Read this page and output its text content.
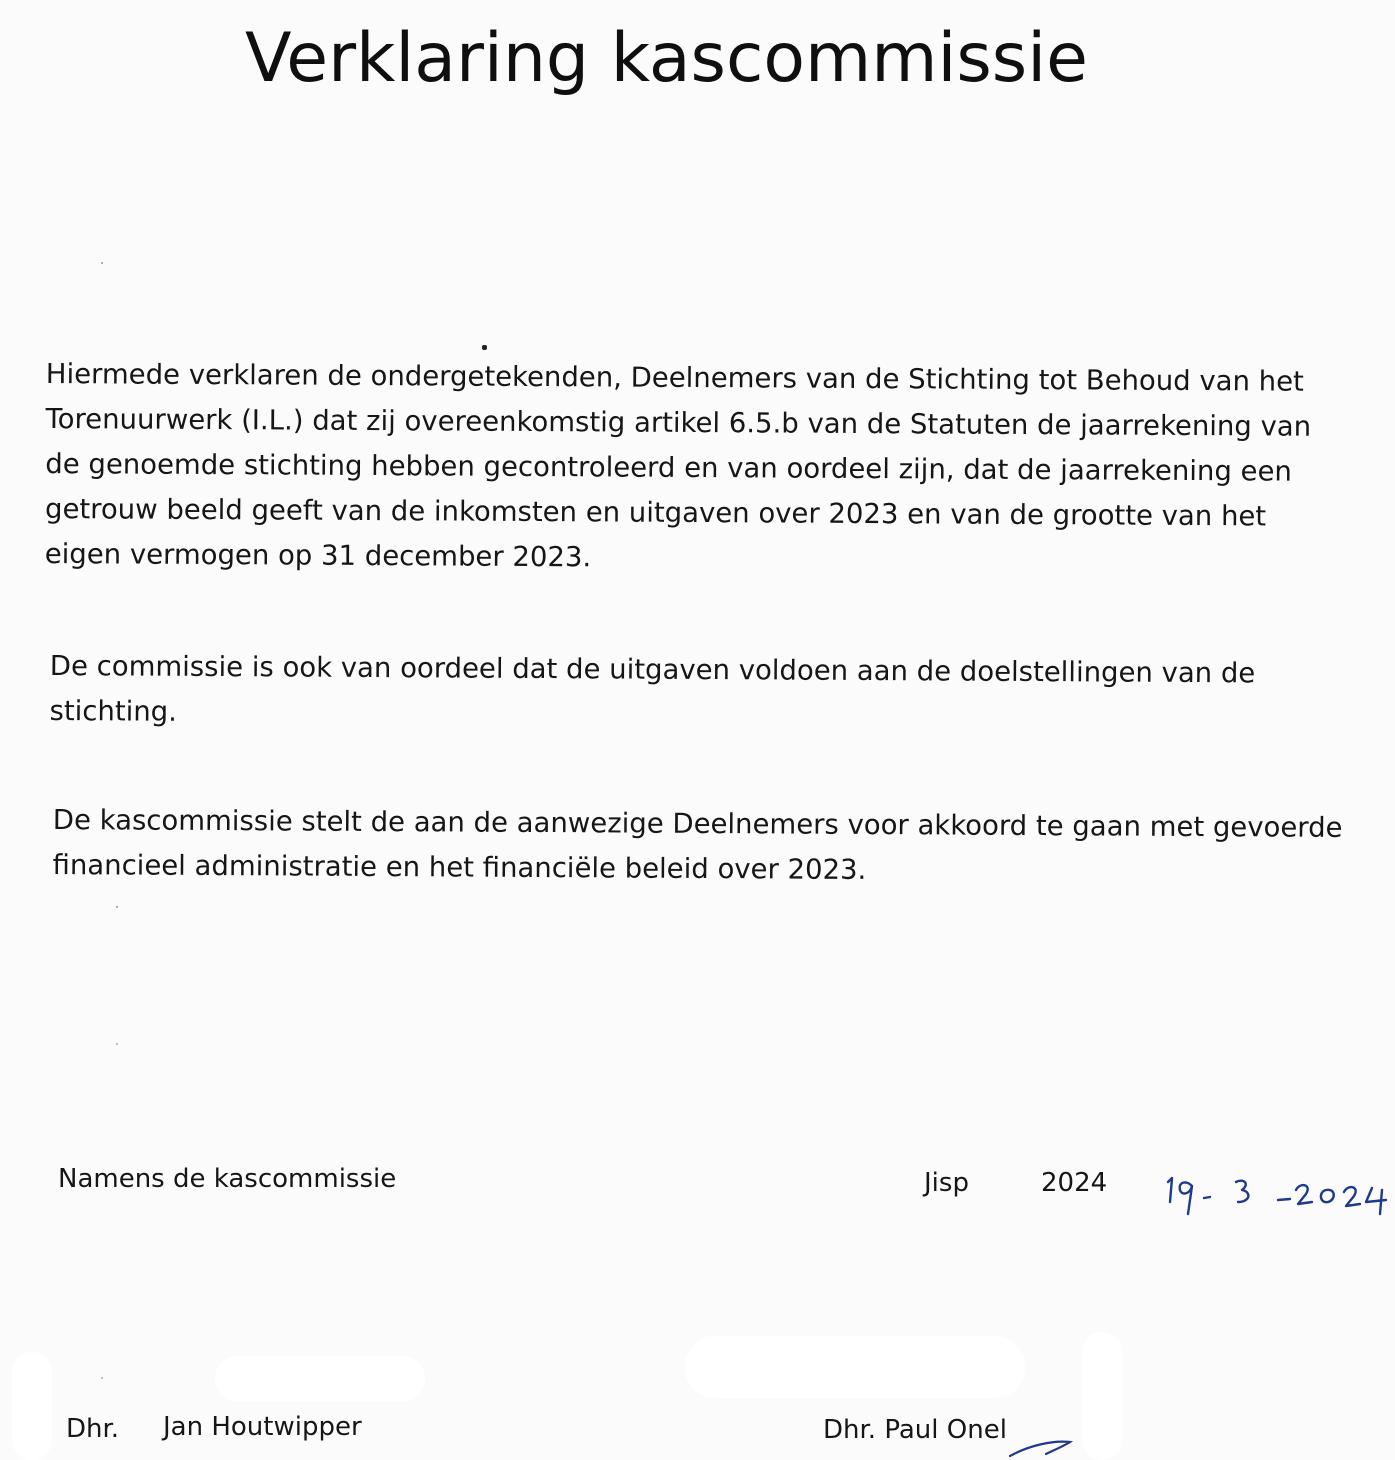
Verklaring kascommissie

Hiermede verklaren de ondergetekenden, Deelnemers van de Stichting tot Behoud van het
Torenuurwerk (I.L.) dat zij overeenkomstig artikel 6.5.b van de Statuten de jaarrekening van
de genoemde stichting hebben gecontroleerd en van oordeel zijn, dat de jaarrekening een
getrouw beeld geeft van de inkomsten en uitgaven over 2023 en van de grootte van het
eigen vermogen op 31 december 2023.

De commissie is ook van oordeel dat de uitgaven voldoen aan de doelstellingen van de
stichting.

De kascommissie stelt de aan de aanwezige Deelnemers voor akkoord te gaan met gevoerde
financieel administratie en het financiële beleid over 2023.

Namens de kascommissie	Jisp	2024
Dhr. Jan Houtwipper	Dhr. Paul Onel
